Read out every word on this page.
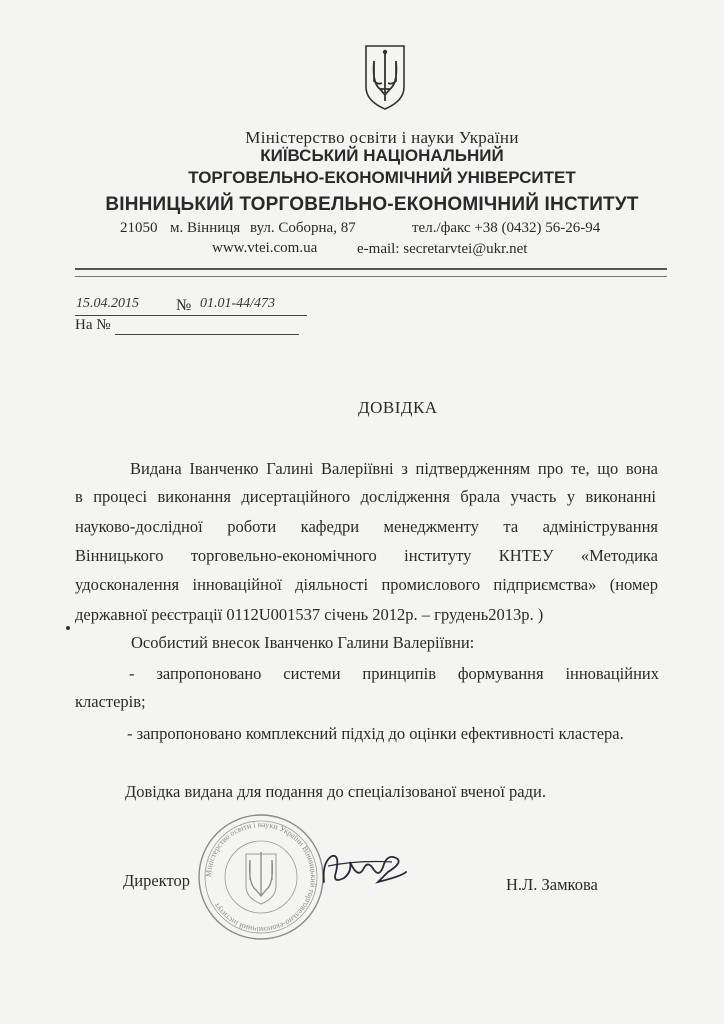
Міністерство освіти і науки України
КИЇВСЬКИЙ НАЦІОНАЛЬНИЙ
ТОРГОВЕЛЬНО-ЕКОНОМІЧНИЙ УНІВЕРСИТЕТ
ВІННИЦЬКИЙ ТОРГОВЕЛЬНО-ЕКОНОМІЧНИЙ ІНСТИТУТ
21050 м. Вінниця вул. Соборна, 87	тел./факс +38 (0432) 56-26-94
www.vtei.com.ua	e-mail: secretarvtei@ukr.net
15.04.2015 № 01.01-44/473
На №
ДОВІДКА
Видана Іванченко Галині Валеріївні з підтвердженням про те, що вона
в процесі виконання дисертаційного дослідження брала участь у виконанні
науково-дослідної роботи кафедри менеджменту та адміністрування
Вінницького торговельно-економічного інституту КНТЕУ «Методика
удосконалення інноваційної діяльності промислового підприємства» (номер
державної реєстрації 0112U001537 січень 2012р. – грудень2013р. )
Особистий внесок Іванченко Галини Валеріївни:
- запропоновано системи принципів формування інноваційних
кластерів;
- запропоновано комплексний підхід до оцінки ефективності кластера.
Довідка видана для подання до спеціалізованої вченої ради.
Міністерство освіти і науки України Вінницький торговельно-економічний інститут
Директор	Н.Л. Замкова
